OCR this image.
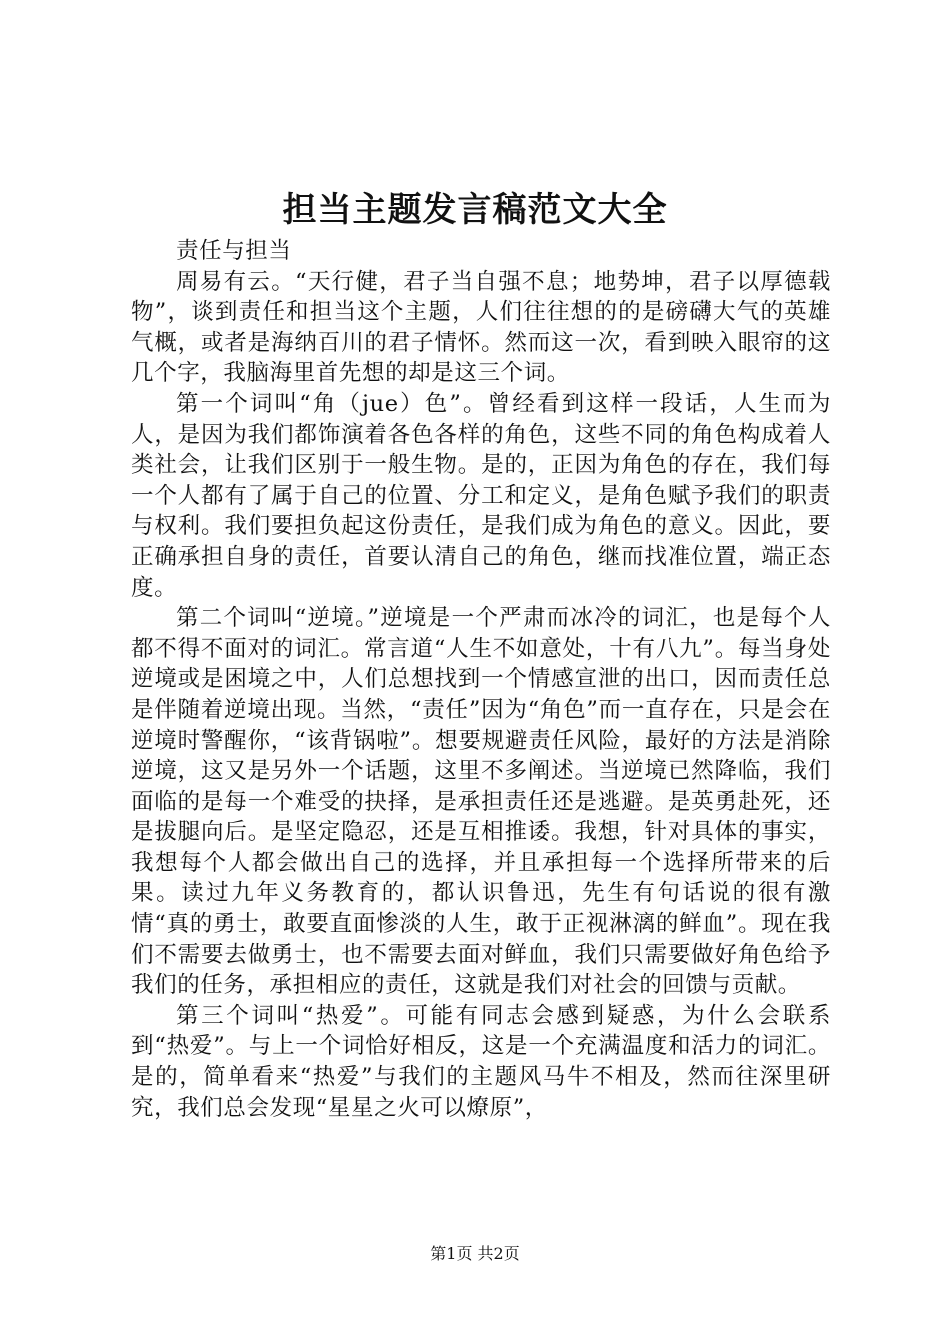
担当主题发言稿范文大全

责任与担当

周易有云。“天行健，君子当自强不息；地势坤，君子以厚德载物”，谈到责任和担当这个主题，人们往往想的的是磅礴大气的英雄气概，或者是海纳百川的君子情怀。然而这一次，看到映入眼帘的这几个字，我脑海里首先想的却是这三个词。

第一个词叫“角（jue）色”。曾经看到这样一段话，人生而为人，是因为我们都饰演着各色各样的角色，这些不同的角色构成着人类社会，让我们区别于一般生物。是的，正因为角色的存在，我们每一个人都有了属于自己的位置、分工和定义，是角色赋予我们的职责与权利。我们要担负起这份责任，是我们成为角色的意义。因此，要正确承担自身的责任，首要认清自己的角色，继而找准位置，端正态度。

第二个词叫“逆境。”逆境是一个严肃而冰冷的词汇，也是每个人都不得不面对的词汇。常言道“人生不如意处，十有八九”。每当身处逆境或是困境之中，人们总想找到一个情感宣泄的出口，因而责任总是伴随着逆境出现。当然，“责任”因为“角色”而一直存在，只是会在逆境时警醒你，“该背锅啦”。想要规避责任风险，最好的方法是消除逆境，这又是另外一个话题，这里不多阐述。当逆境已然降临，我们面临的是每一个难受的抉择，是承担责任还是逃避。是英勇赴死，还是拔腿向后。是坚定隐忍，还是互相推诿。我想，针对具体的事实，我想每个人都会做出自己的选择，并且承担每一个选择所带来的后果。读过九年义务教育的，都认识鲁迅，先生有句话说的很有激情“真的勇士，敢要直面惨淡的人生，敢于正视淋漓的鲜血”。现在我们不需要去做勇士，也不需要去面对鲜血，我们只需要做好角色给予我们的任务，承担相应的责任，这就是我们对社会的回馈与贡献。

第三个词叫“热爱”。可能有同志会感到疑惑，为什么会联系到“热爱”。与上一个词恰好相反，这是一个充满温度和活力的词汇。是的，简单看来“热爱”与我们的主题风马牛不相及，然而往深里研究，我们总会发现“星星之火可以燎原”，

第1页 共2页
